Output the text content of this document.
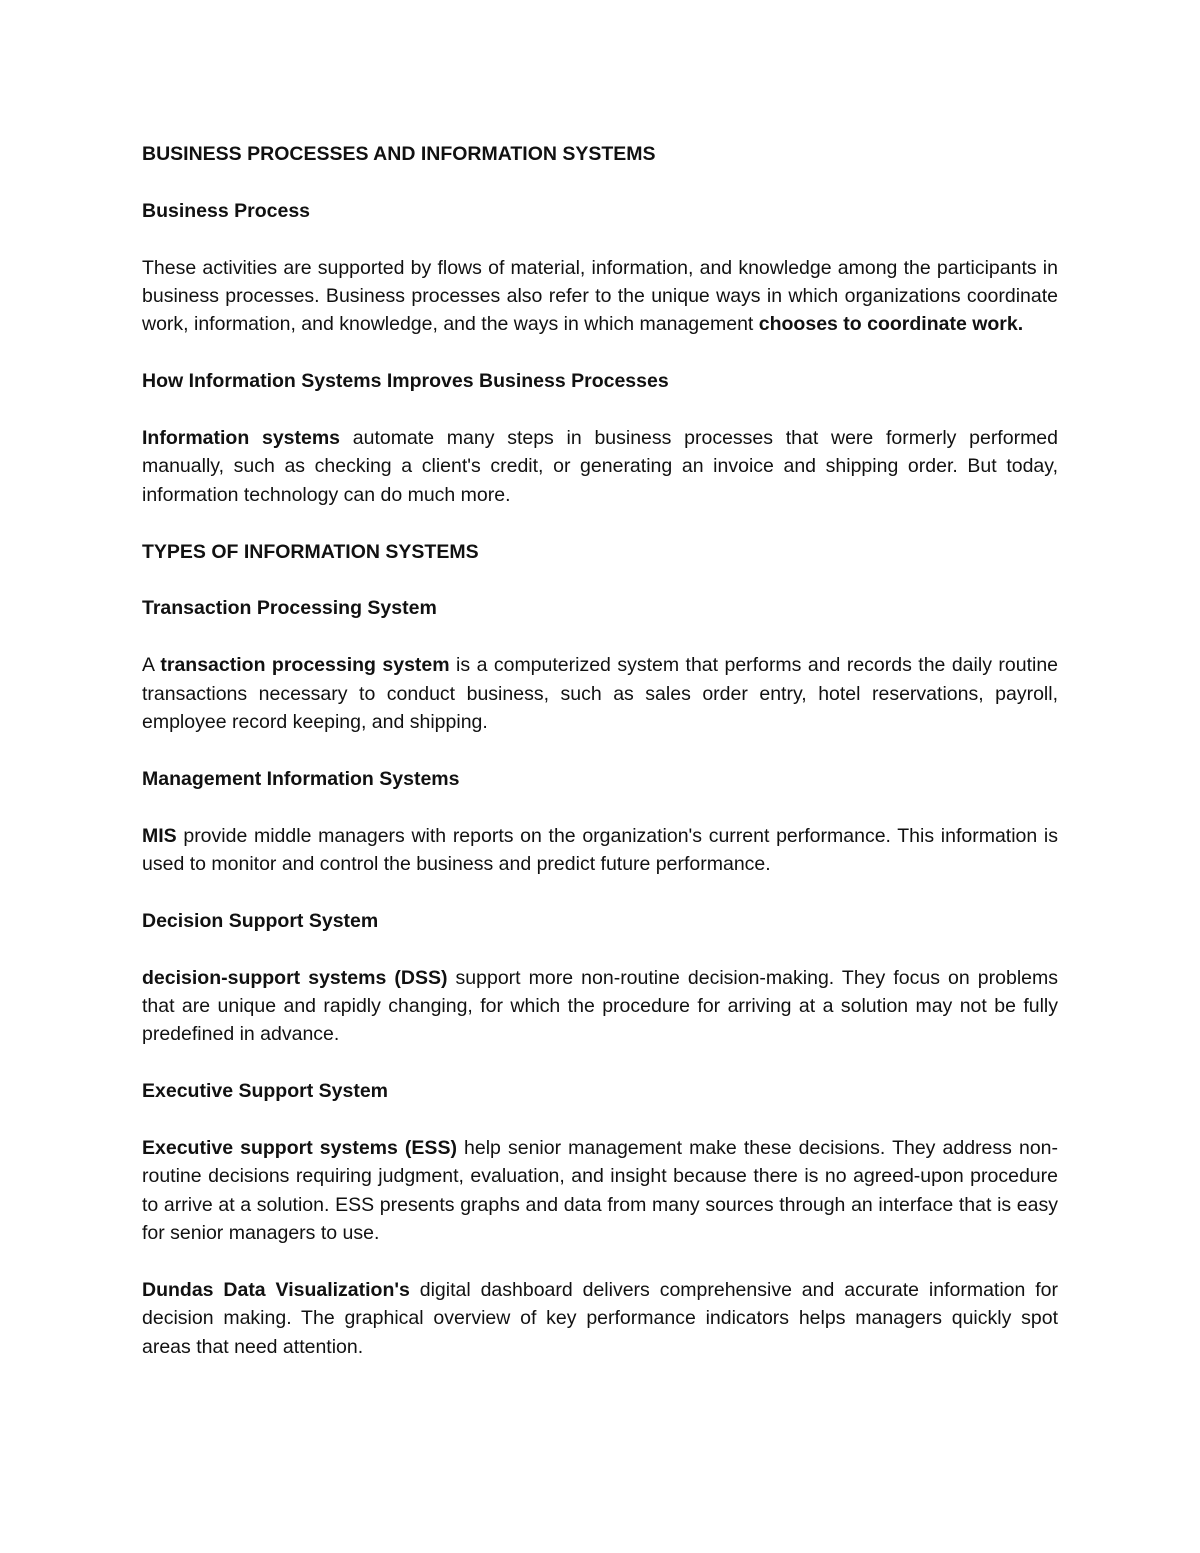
BUSINESS PROCESSES AND INFORMATION SYSTEMS
Business Process
These activities are supported by flows of material, information, and knowledge among the participants in business processes. Business processes also refer to the unique ways in which organizations coordinate work, information, and knowledge, and the ways in which management chooses to coordinate work.
How Information Systems Improves Business Processes
Information systems automate many steps in business processes that were formerly performed manually, such as checking a client's credit, or generating an invoice and shipping order. But today, information technology can do much more.
TYPES OF INFORMATION SYSTEMS
Transaction Processing System
A transaction processing system is a computerized system that performs and records the daily routine transactions necessary to conduct business, such as sales order entry, hotel reservations, payroll, employee record keeping, and shipping.
Management Information Systems
MIS provide middle managers with reports on the organization's current performance. This information is used to monitor and control the business and predict future performance.
Decision Support System
decision-support systems (DSS) support more non-routine decision-making. They focus on problems that are unique and rapidly changing, for which the procedure for arriving at a solution may not be fully predefined in advance.
Executive Support System
Executive support systems (ESS) help senior management make these decisions. They address non-routine decisions requiring judgment, evaluation, and insight because there is no agreed-upon procedure to arrive at a solution. ESS presents graphs and data from many sources through an interface that is easy for senior managers to use.
Dundas Data Visualization's digital dashboard delivers comprehensive and accurate information for decision making. The graphical overview of key performance indicators helps managers quickly spot areas that need attention.
